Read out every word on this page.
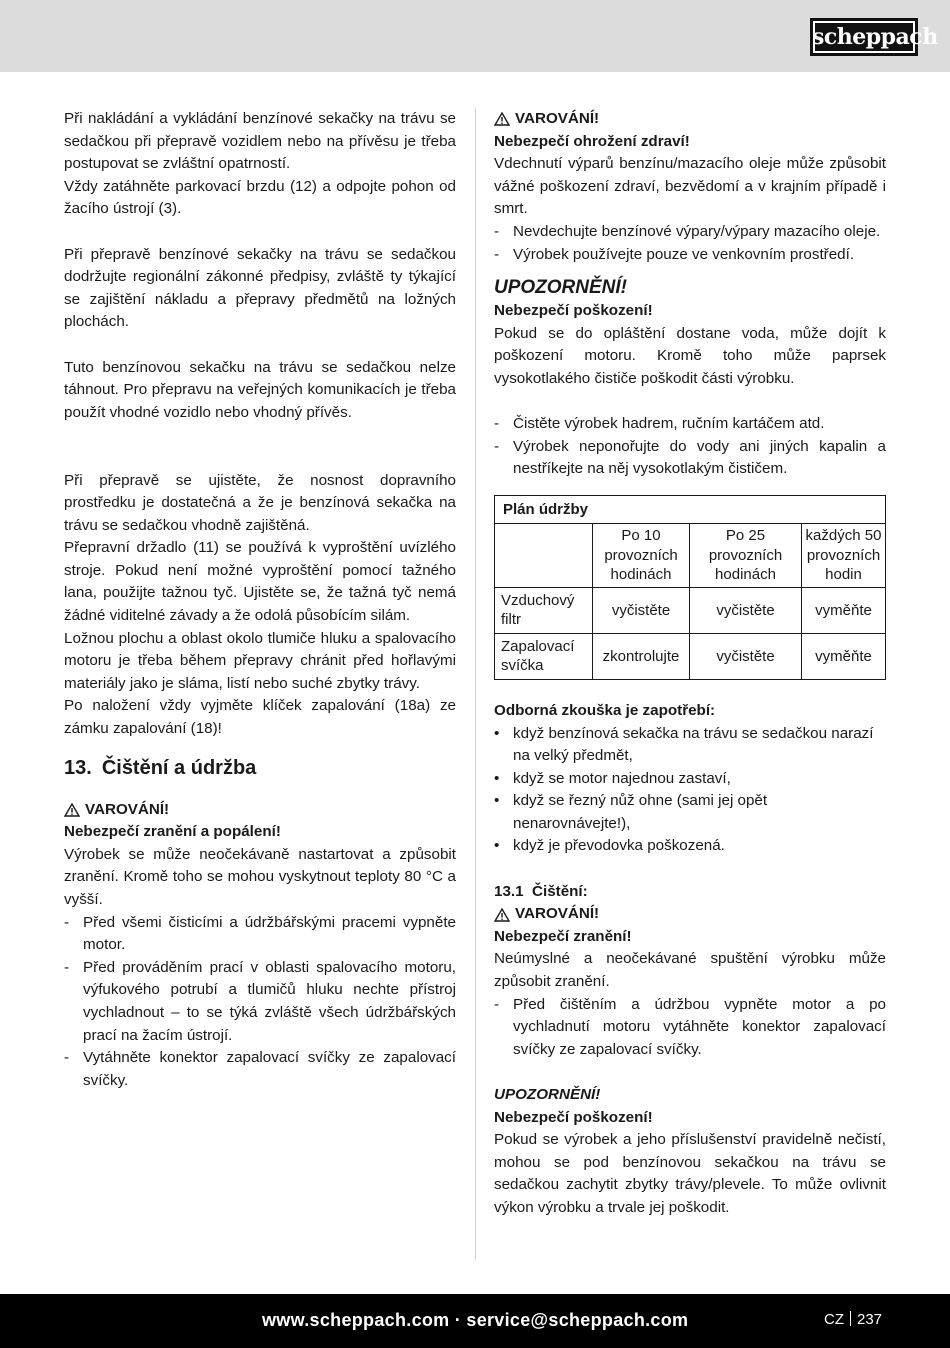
scheppach

Při nakládání a vykládání benzínové sekačky na trávu se sedačkou při přepravě vozidlem nebo na přívěsu je třeba postupovat se zvláštní opatrností.

Vždy zatáhněte parkovací brzdu (12) a odpojte pohon od žacího ústrojí (3).

Při přepravě benzínové sekačky na trávu se sedačkou dodržujte regionální zákonné předpisy, zvláště ty týkající se zajištění nákladu a přepravy předmětů na ložných plochách.

Tuto benzínovou sekačku na trávu se sedačkou nelze táhnout. Pro přepravu na veřejných komunikacích je třeba použít vhodné vozidlo nebo vhodný přívěs.

Při přepravě se ujistěte, že nosnost dopravního prostředku je dostatečná a že je benzínová sekačka na trávu se sedačkou vhodně zajištěná.

Přepravní držadlo (11) se používá k vyproštění uvízlého stroje. Pokud není možné vyproštění pomocí tažného lana, použijte tažnou tyč. Ujistěte se, že tažná tyč nemá žádné viditelné závady a že odolá působícím silám.

Ložnou plochu a oblast okolo tlumiče hluku a spalovacího motoru je třeba během přepravy chránit před hořlavými materiály jako je sláma, listí nebo suché zbytky trávy.

Po naložení vždy vyjměte klíček zapalování (18a) ze zámku zapalování (18)!

13. Čištění a údržba
VAROVÁNÍ!

Nebezpečí zranění a popálení!

Výrobek se může neočekávaně nastartovat a způsobit zranění. Kromě toho se mohou vyskytnout teploty 80 °C a vyšší.

- Před všemi čisticími a údržbářskými pracemi vypněte motor.
- Před prováděním prací v oblasti spalovacího motoru, výfukového potrubí a tlumičů hluku nechte přístroj vychladnout – to se týká zvláště všech údržbářských prací na žacím ústrojí.
- Vytáhněte konektor zapalovací svíčky ze zapalovací svíčky.
VAROVÁNÍ!

Nebezpečí ohrožení zdraví!

Vdechnutí výparů benzínu/mazacího oleje může způsobit vážné poškození zdraví, bezvědomí a v krajním případě i smrt.

- Nevdechujte benzínové výpary/výpary mazacího oleje.
- Výrobek používejte pouze ve venkovním prostředí.
UPOZORNĚNÍ!

Nebezpečí poškození!

Pokud se do opláštění dostane voda, může dojít k poškození motoru. Kromě toho může paprsek vysokotlakého čističe poškodit části výrobku.

- Čistěte výrobek hadrem, ručním kartáčem atd.
- Výrobek neponořujte do vody ani jiných kapalin a nestříkejte na něj vysokotlakým čističem.
Plán údržby			
	Po 10 provozních hodinách	Po 25 provozních hodinách	každých 50 provozních hodin
Vzduchový filtr	vyčistěte	vyčistěte	vyměňte
Zapalovací svíčka	zkontrolujte	vyčistěte	vyměňte

Odborná zkouška je zapotřebí:

• když benzínová sekačka na trávu se sedačkou narazí na velký předmět,
• když se motor najednou zastaví,
• když se řezný nůž ohne (sami jej opět nenarovnávejte!),
• když je převodovka poškozená.

13.1 Čištění:

VAROVÁNÍ!

Nebezpečí zranění!

Neúmyslné a neočekávané spuštění výrobku může způsobit zranění.

- Před čištěním a údržbou vypněte motor a po vychladnutí motoru vytáhněte konektor zapalovací svíčky ze zapalovací svíčky.

UPOZORNĚNÍ!

Nebezpečí poškození!

Pokud se výrobek a jeho příslušenství pravidelně nečistí, mohou se pod benzínovou sekačkou na trávu se sedačkou zachytit zbytky trávy/plevele. To může ovlivnit výkon výrobku a trvale jej poškodit.

www.scheppach.com · service@scheppach.com	CZ 237
